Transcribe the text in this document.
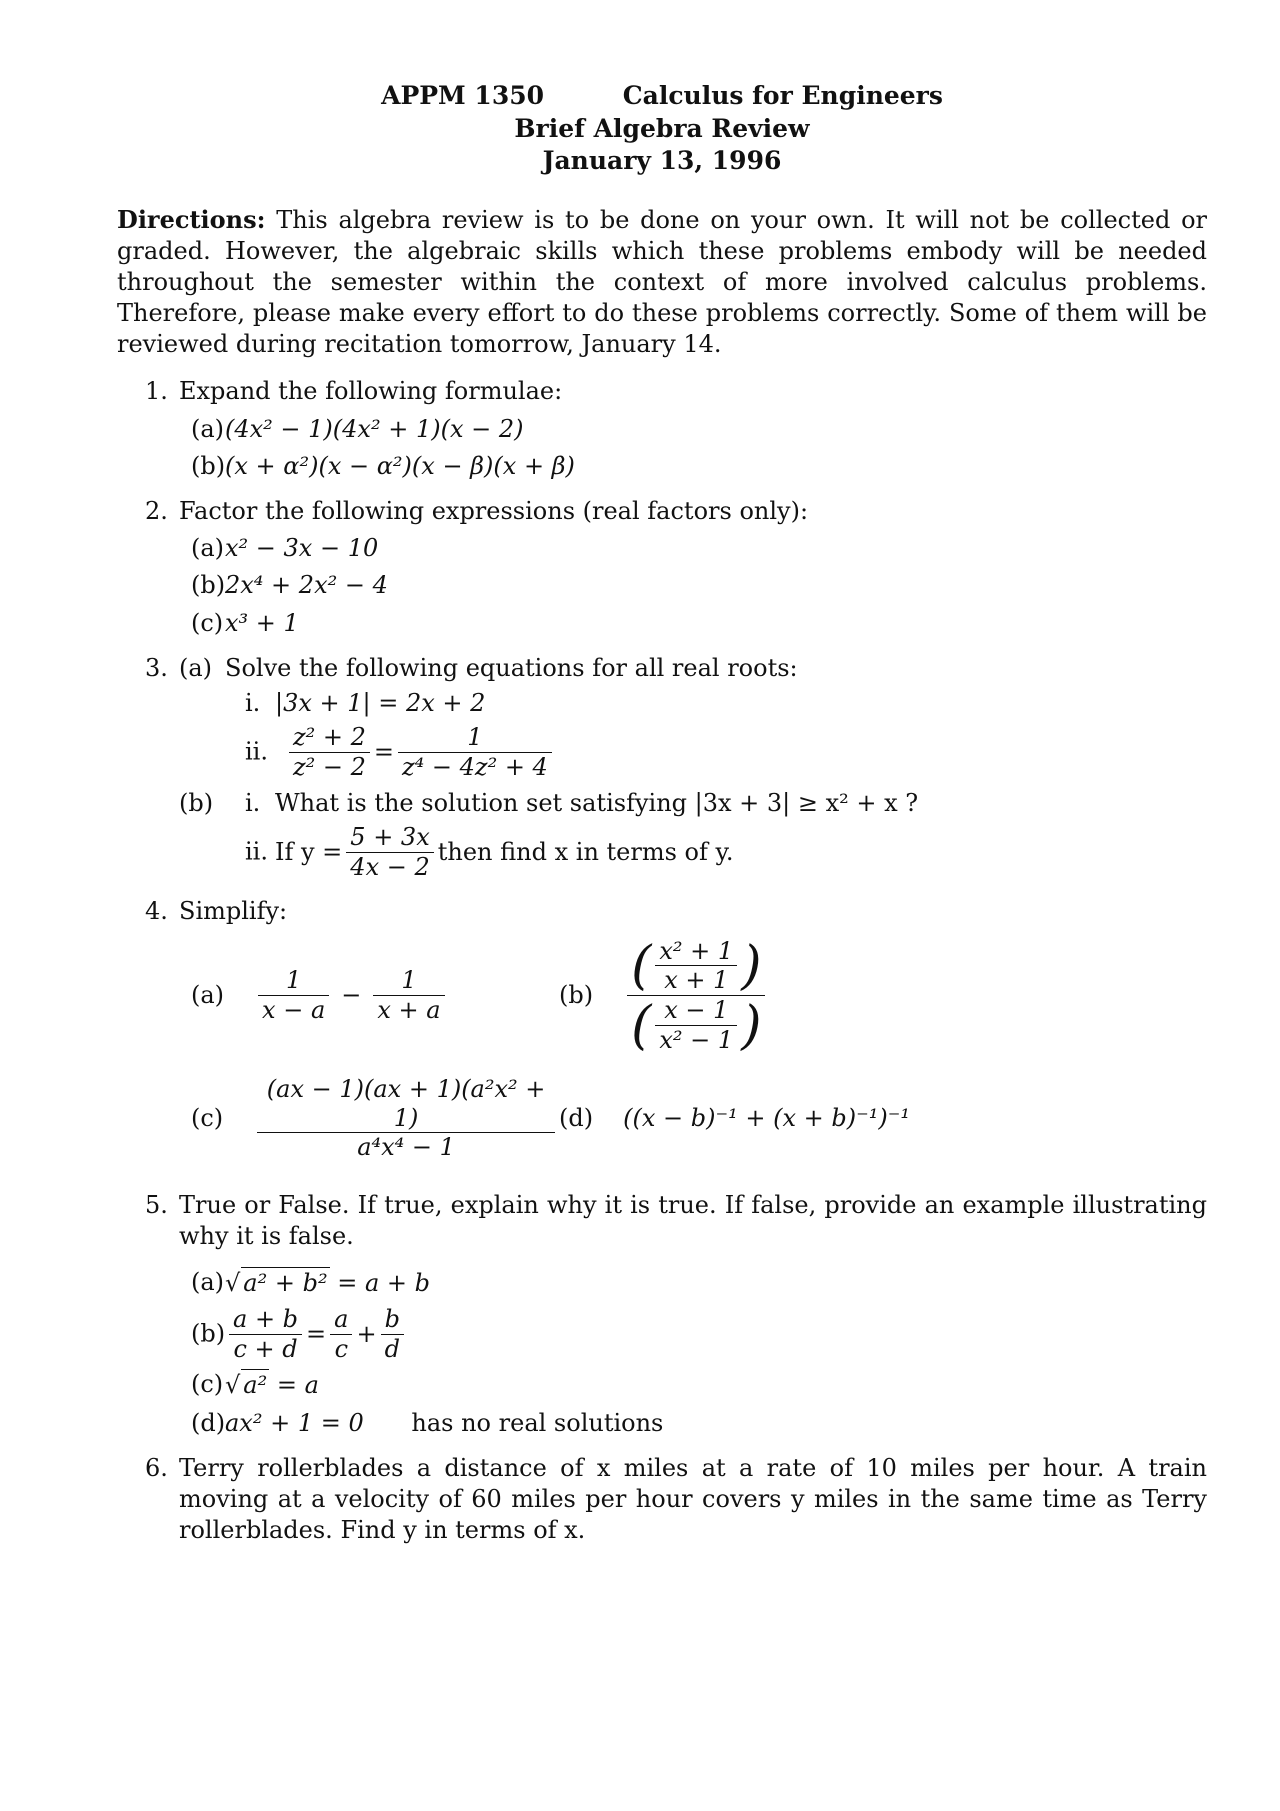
APPM 1350	Calculus for Engineers
Brief Algebra Review
January 13, 1996

Directions: This algebra review is to be done on your own. It will not be collected or graded. However, the algebraic skills which these problems embody will be needed throughout the semester within the context of more involved calculus problems. Therefore, please make every effort to do these problems correctly. Some of them will be reviewed during recitation tomorrow, January 14.

1. Expand the following formulae:
(a) (4x² − 1)(4x² + 1)(x − 2)
(b) (x + α²)(x − α²)(x − β)(x + β)
2. Factor the following expressions (real factors only):
(a) x² − 3x − 10
(b) 2x⁴ + 2x² − 4
(c) x³ + 1
3. (a) Solve the following equations for all real roots:
i. |3x + 1| = 2x + 2
ii. $\frac{\text{z² + 2}}{\text{z² − 2}} = \frac{1}{\text{z⁴ − 4z² + 4}}$
(b) i. What is the solution set satisfying |3x + 3| ≥ x² + x ?
ii. If $y = \frac{5 + 3x}{4x - 2}$ then find x in terms of y.
4. Simplify:
$(a) \frac{1}{x - a} - \frac{1}{x + a}$	(b) ( $\frac{\text{x² + 1}}{x + 1}$ )
( $\frac{x - 1}{\text{x² − 1}}$ )
$(c) \frac{\text{(ax − 1)(ax + 1)(a²x² + 1)}}{\text{a⁴x⁴ − 1}} (d) ((x - b)^{-1} + (x + b)^{-1})^{-1}$
5. True or False. If true, explain why it is true. If false, provide an example illustrating why it is false.
(a) √ a² + b² = a + b
$(b) \frac{a + b}{c + d} = \frac{a}{c} + \frac{b}{d}$
(c) √ a² = a
(d) ax² + 1 = 0 has no real solutions
6. Terry rollerblades a distance of x miles at a rate of 10 miles per hour. A train moving at a velocity of 60 miles per hour covers y miles in the same time as Terry rollerblades. Find y in terms of x.
